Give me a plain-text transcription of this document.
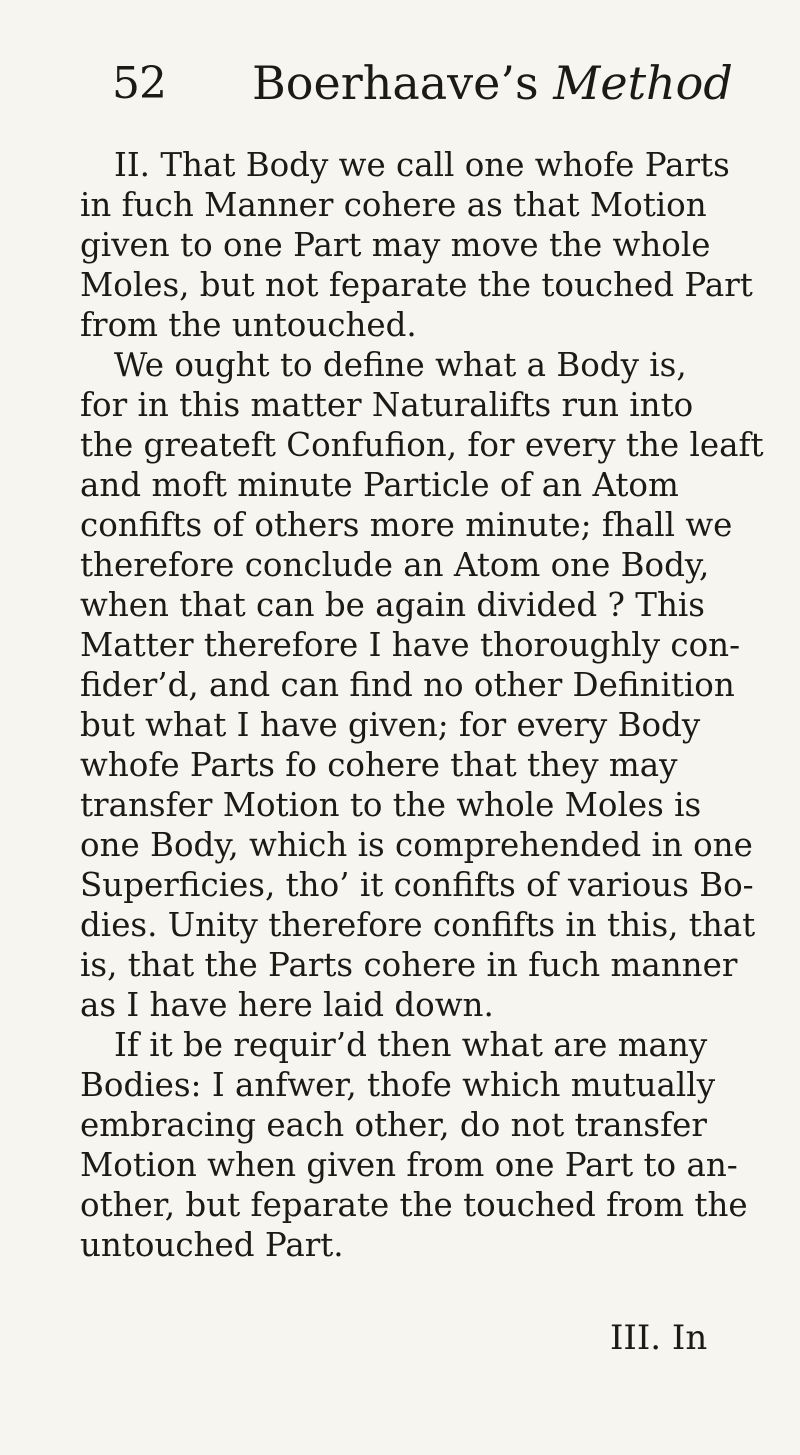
52 Boerhaave’s Method

II. That Body we call one whofe Parts
in fuch Manner cohere as that Motion
given to one Part may move the whole
Moles, but not feparate the touched Part
from the untouched.

We ought to define what a Body is,
for in this matter Naturalifts run into
the greateft Confufion, for every the leaft
and moft minute Particle of an Atom
confifts of others more minute; fhall we
therefore conclude an Atom one Body,
when that can be again divided ? This
Matter therefore I have thoroughly con-
fider’d, and can find no other Definition
but what I have given; for every Body
whofe Parts fo cohere that they may
transfer Motion to the whole Moles is
one Body, which is comprehended in one
Superficies, tho’ it confifts of various Bo-
dies. Unity therefore confifts in this, that
is, that the Parts cohere in fuch manner
as I have here laid down.

If it be requir’d then what are many
Bodies: I anfwer, thofe which mutually
embracing each other, do not transfer
Motion when given from one Part to an-
other, but feparate the touched from the
untouched Part.

III. In
